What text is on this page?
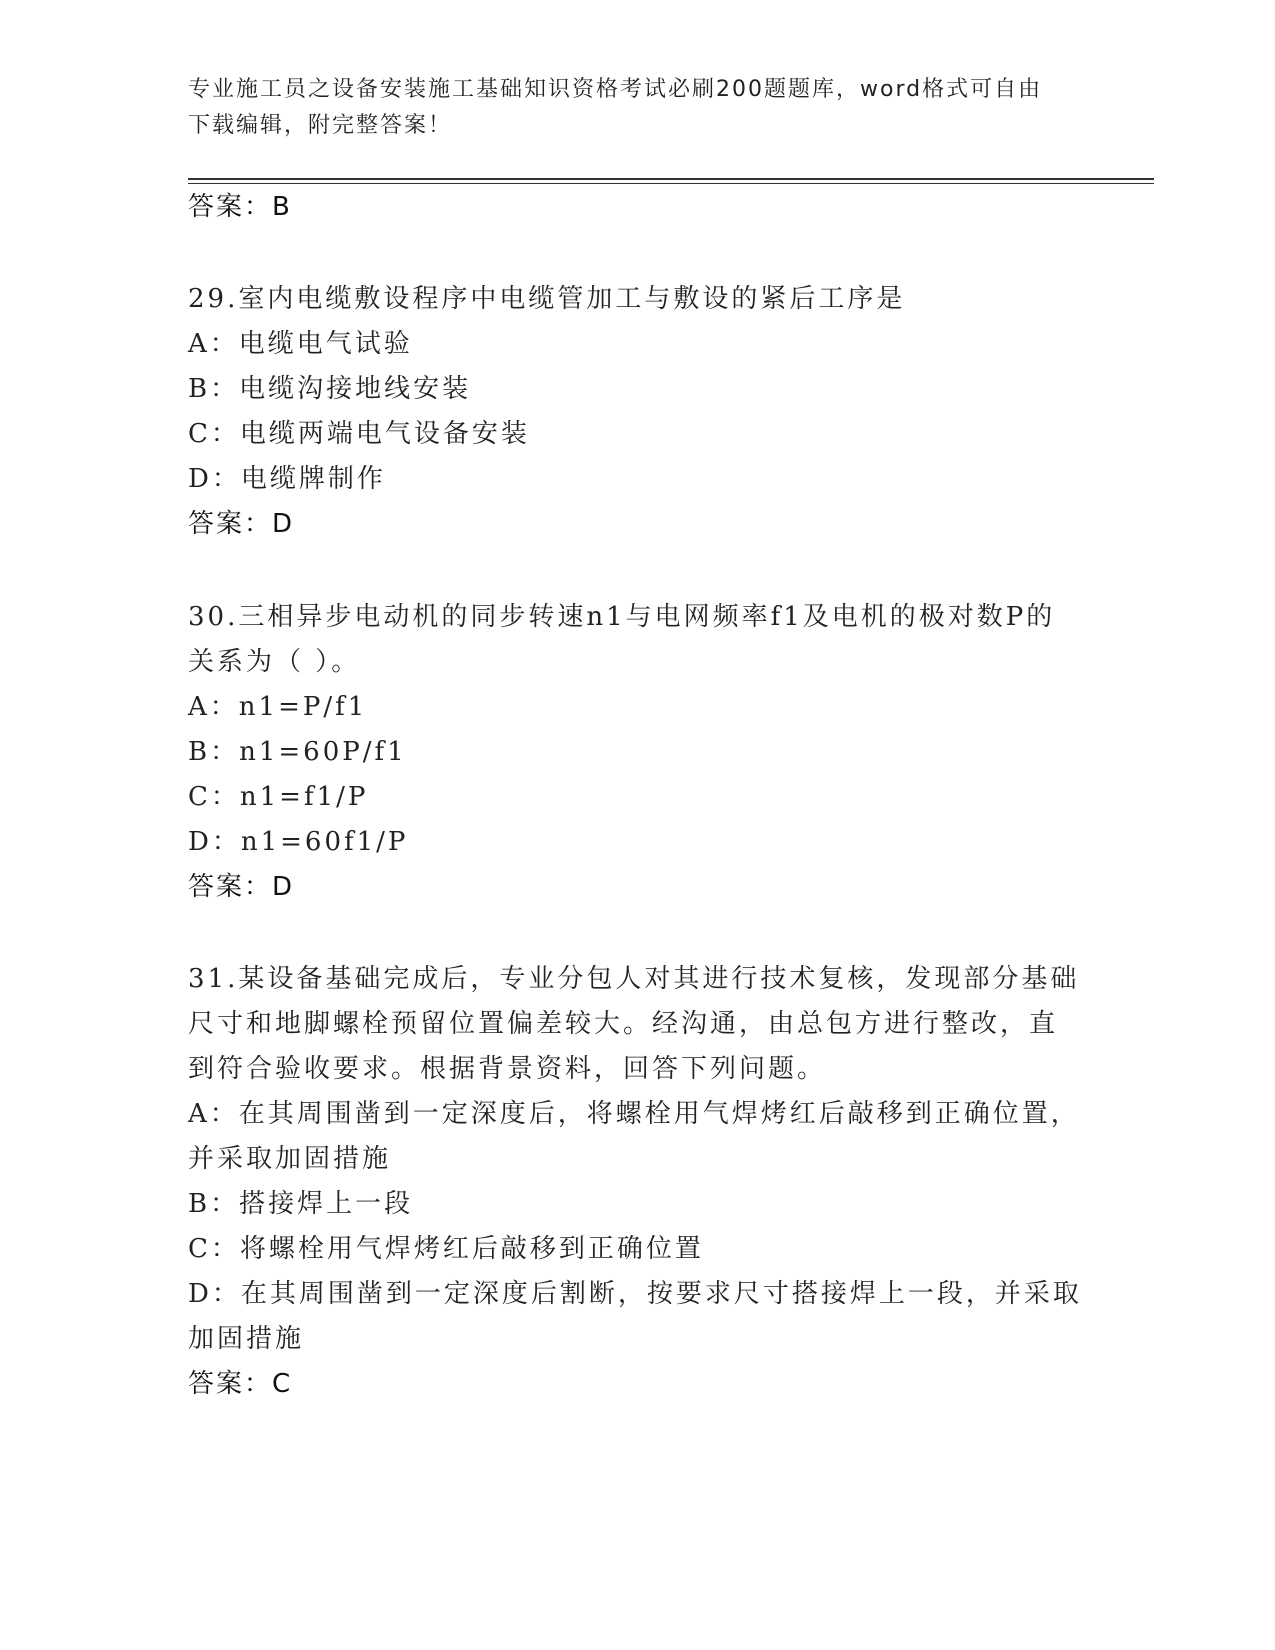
专业施工员之设备安装施工基础知识资格考试必刷200题题库，word格式可自由
下载编辑，附完整答案！
答案：B
29.室内电缆敷设程序中电缆管加工与敷设的紧后工序是
A：电缆电气试验
B：电缆沟接地线安装
C：电缆两端电气设备安装
D：电缆牌制作
答案：D
30.三相异步电动机的同步转速n1与电网频率f1及电机的极对数P的
关系为（ ）。
A：n1=P/f1
B：n1=60P/f1
C：n1=f1/P
D：n1=60f1/P
答案：D
31.某设备基础完成后，专业分包人对其进行技术复核，发现部分基础
尺寸和地脚螺栓预留位置偏差较大。经沟通，由总包方进行整改，直
到符合验收要求。根据背景资料，回答下列问题。
A：在其周围凿到一定深度后，将螺栓用气焊烤红后敲移到正确位置，
并采取加固措施
B：搭接焊上一段
C：将螺栓用气焊烤红后敲移到正确位置
D：在其周围凿到一定深度后割断，按要求尺寸搭接焊上一段，并采取
加固措施
答案：C
